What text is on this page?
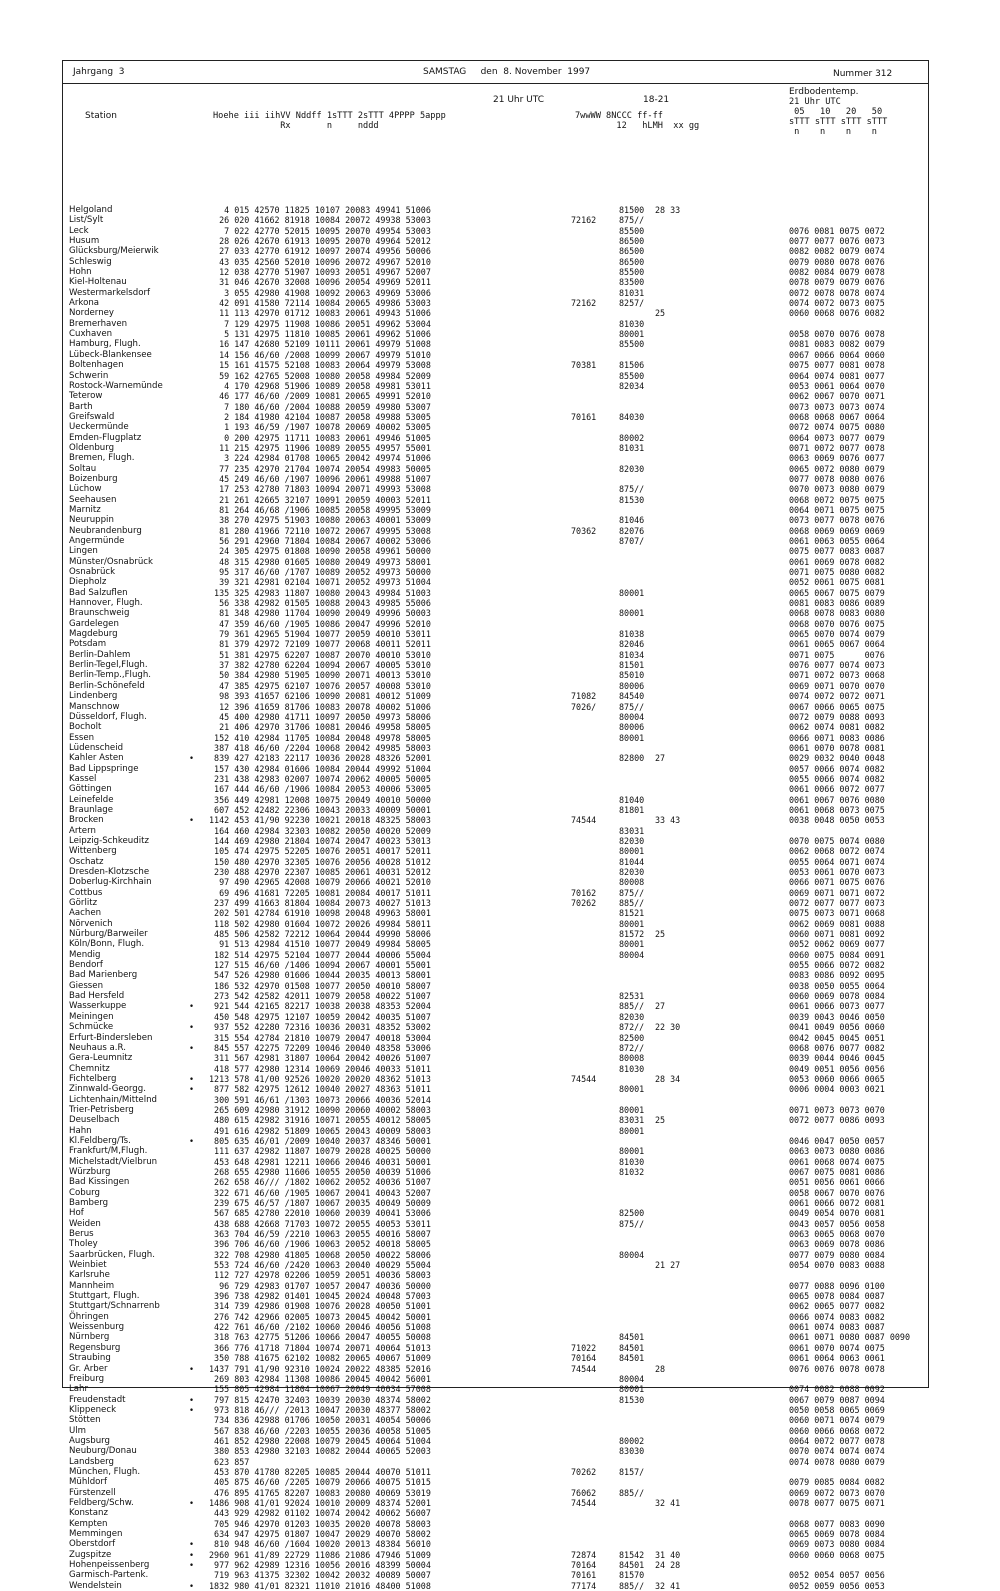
Jahrgang  3	SAMSTAG     den  8. November  1997	Nummer 312
21 Uhr UTC	18-21
Station	Hoehe iii iihVV Nddff 1sTTT 2sTTT 4PPPP 5appp
Rx       n     nddd
7wwWW 8NCCC ff-ff
12   hLMH  xx gg
Erdbodentemp.
21 Uhr UTC
05   10   20   50
sTTT sTTT sTTT sTTT
n    n    n    n
Helgoland	4 015 42570 11825 10107 20083 49941 51006	81500 28 33
List/Sylt	26 020 41662 81918 10084 20072 49938 53003	72162	875//
Leck	7 022 42770 52015 10095 20070 49954 53003	85500	0076 0081 0075 0072
Husum	28 026 42670 61913 10095 20070 49964 52012	86500	0077 0077 0076 0073
Glücksburg/Meierwik	27 033 42770 61912 10097 20074 49956 50006	86500	0082 0082 0079 0074
Schleswig	43 035 42560 52010 10096 20072 49967 52010	86500	0079 0080 0078 0076
Hohn	12 038 42770 51907 10093 20051 49967 52007	85500	0082 0084 0079 0078
Kiel-Holtenau	31 046 42670 32008 10096 20054 49969 52011	83500	0078 0079 0079 0076
Westermarkelsdorf	3 055 42980 41908 10092 20063 49969 53006	81031	0072 0078 0078 0074
Arkona	42 091 41580 72114 10084 20065 49986 53003	72162	8257/	0074 0072 0073 0075
Norderney	11 113 42970 01712 10083 20061 49943 51006	25	0060 0068 0076 0082
Bremerhaven	7 129 42975 11908 10086 20051 49962 53004	81030
Cuxhaven	5 131 42975 11810 10085 20061 49962 51006	80001	0058 0070 0076 0078
Hamburg, Flugh.	16 147 42680 52109 10111 20061 49979 51008	85500	0081 0083 0082 0079
Lübeck-Blankensee	14 156 46/60 /2008 10099 20067 49979 51010	0067 0066 0064 0060
Boltenhagen	15 161 41575 52108 10083 20064 49979 53008	70381	81506	0075 0077 0081 0078
Schwerin	59 162 42765 52008 10080 20058 49984 52009	85500	0064 0074 0081 0077
Rostock-Warnemünde	4 170 42968 51906 10089 20058 49981 53011	82034	0053 0061 0064 0070
Teterow	46 177 46/60 /2009 10081 20065 49991 52010	0062 0067 0070 0071
Barth	7 180 46/60 /2004 10088 20059 49980 53007	0073 0073 0073 0074
Greifswald	2 184 41980 42104 10087 20058 49988 53005	70161	84030	0068 0068 0067 0064
Ueckermünde	1 193 46/59 /1907 10078 20069 40002 53005	0072 0074 0075 0080
Emden-Flugplatz	0 200 42975 11711 10083 20061 49946 51005	80002	0064 0073 0077 0079
Oldenburg	11 215 42975 11906 10089 20055 49957 55001	81031	0071 0072 0077 0078
Bremen, Flugh.	3 224 42984 01708 10065 20042 49974 51006	0063 0069 0076 0077
Soltau	77 235 42970 21704 10074 20054 49983 50005	82030	0065 0072 0080 0079
Boizenburg	45 249 46/60 /1907 10096 20061 49988 51007	0077 0078 0080 0076
Lüchow	17 253 42780 71803 10094 20071 49993 53008	875//	0070 0073 0080 0079
Seehausen	21 261 42665 32107 10091 20059 40003 52011	81530	0068 0072 0075 0075
Marnitz	81 264 46/68 /1906 10085 20058 49995 53009	0064 0071 0075 0075
Neuruppin	38 270 42975 51903 10080 20063 40001 53009	81046	0073 0077 0078 0076
Neubrandenburg	81 280 41966 72110 10072 20067 49995 53008	70362	82076	0068 0069 0069 0069
Angermünde	56 291 42960 71804 10084 20067 40002 53006	8707/	0061 0063 0055 0064
Lingen	24 305 42975 01808 10090 20058 49961 50000	0075 0077 0083 0087
Münster/Osnabrück	48 315 42980 01605 10080 20049 49973 58001	0061 0069 0078 0082
Osnabrück	95 317 46/60 /1707 10089 20052 49973 50000	0071 0075 0080 0082
Diepholz	39 321 42981 02104 10071 20052 49973 51004	0052 0061 0075 0081
Bad Salzuflen	135 325 42983 11807 10080 20043 49984 51003	80001	0065 0067 0075 0079
Hannover, Flugh.	56 338 42982 01505 10088 20043 49985 55006	0081 0083 0086 0089
Braunschweig	81 348 42980 11704 10090 20049 49996 50003	80001	0068 0078 0083 0080
Gardelegen	47 359 46/60 /1905 10086 20047 49996 52010	0068 0070 0076 0075
Magdeburg	79 361 42965 51904 10077 20059 40010 53011	81038	0065 0070 0074 0079
Potsdam	81 379 42972 72109 10077 20068 40011 52011	82046	0061 0065 0067 0064
Berlin-Dahlem	51 381 42975 62207 10087 20070 40010 53010	81034	0071 0075      0076
Berlin-Tegel,Flugh.	37 382 42780 62204 10094 20067 40005 53010	81501	0076 0077 0074 0073
Berlin-Temp.,Flugh.	50 384 42980 51905 10090 20071 40013 53010	85010	0071 0072 0073 0068
Berlin-Schönefeld	47 385 42975 62107 10076 20057 40008 53010	80006	0069 0071 0070 0070
Lindenberg	98 393 41657 62106 10090 20081 40012 51009	71082	84540	0074 0072 0072 0071
Manschnow	12 396 41659 81706 10083 20078 40002 51006	7026/	875//	0067 0066 0065 0075
Düsseldorf, Flugh.	45 400 42980 41711 10097 20050 49973 58006	80004	0072 0079 0088 0093
Bocholt	21 406 42970 31706 10081 20046 49958 58005	80006	0062 0074 0081 0082
Essen	152 410 42984 11705 10084 20048 49978 58005	80001	0066 0071 0083 0086
Lüdenscheid	387 418 46/60 /2204 10068 20042 49985 58003	0061 0070 0078 0081
Kahler Asten	• 839 427 42183 22117 10036 20028 48326 52001	82800 27	0029 0032 0040 0048
Bad Lippspringe	157 430 42984 01606 10084 20044 49992 51004	0057 0066 0074 0082
Kassel	231 438 42983 02007 10074 20062 40005 50005	0055 0066 0074 0082
Göttingen	167 444 46/60 /1906 10084 20053 40006 53005	0061 0066 0072 0077
Leinefelde	356 449 42981 12008 10075 20049 40010 50000	81040	0061 0067 0076 0080
Braunlage	607 452 42482 22306 10043 20033 40009 50001	81801	0061 0068 0073 0075
Brocken	• 1142 453 41/90 92230 10021 20018 48325 58003	74544	33 43	0038 0048 0050 0053
Artern	164 460 42984 32303 10082 20050 40020 52009	83031
Leipzig-Schkeuditz	144 469 42980 21804 10074 20047 40023 53013	82030	0070 0075 0074 0080
Wittenberg	105 474 42975 52205 10076 20051 40017 52011	80001	0062 0068 0072 0074
Oschatz	150 480 42970 32305 10076 20056 40028 51012	81044	0055 0064 0071 0074
Dresden-Klotzsche	230 488 42970 22307 10085 20061 40031 52012	82030	0053 0061 0070 0073
Doberlug-Kirchhain	97 490 42965 42008 10079 20066 40021 52010	80008	0066 0071 0075 0076
Cottbus	69 496 41681 72205 10081 20084 40017 51011	70162	875//	0069 0071 0071 0072
Görlitz	237 499 41663 81804 10084 20073 40027 51013	70262	885//	0072 0077 0077 0073
Aachen	202 501 42784 61910 10098 20048 49963 58001	81521	0075 0073 0071 0068
Nörvenich	118 502 42980 01604 10072 20026 49984 58011	80001	0062 0069 0081 0088
Nürburg/Barweiler	485 506 42582 72212 10064 20044 49990 58006	81572 25	0060 0071 0081 0092
Köln/Bonn, Flugh.	91 513 42984 41510 10077 20049 49984 58005	80001	0052 0062 0069 0077
Mendig	182 514 42975 52104 10077 20044 40006 55004	80004	0060 0075 0084 0091
Bendorf	127 515 46/60 /1406 10094 20067 40001 55001	0055 0066 0072 0082
Bad Marienberg	547 526 42980 01606 10044 20035 40013 58001	0083 0086 0092 0095
Giessen	186 532 42970 01508 10077 20050 40010 58007	0038 0050 0055 0064
Bad Hersfeld	273 542 42582 42011 10079 20058 40022 51007	82531	0060 0069 0078 0084
Wasserkuppe	• 921 544 42165 82217 10038 20038 48353 52004	885// 27	0061 0066 0073 0077
Meiningen	450 548 42975 12107 10059 20042 40035 51007	82030	0039 0043 0046 0050
Schmücke	• 937 552 42280 72316 10036 20031 48352 53002	872// 22 30	0041 0049 0056 0060
Erfurt-Bindersleben	315 554 42784 21810 10079 20047 40018 53004	82500	0042 0045 0045 0051
Neuhaus a.R.	• 845 557 42275 72209 10046 20040 48358 53006	872//	0068 0076 0077 0082
Gera-Leumnitz	311 567 42981 31807 10064 20042 40026 51007	80008	0039 0044 0046 0045
Chemnitz	418 577 42980 12314 10069 20046 40033 51011	81030	0049 0051 0056 0056
Fichtelberg	• 1213 578 41/00 92526 10020 20020 48362 51013	74544	28 34	0053 0060 0066 0065
Zinnwald-Georgg.	• 877 582 42975 12612 10040 20027 48363 51011	80001	0006 0004 0003 0021
Lichtenhain/Mittelnd	300 591 46/61 /1303 10073 20066 40036 52014
Trier-Petrisberg	265 609 42980 31912 10090 20060 40002 58003	80001	0071 0073 0073 0070
Deuselbach	480 615 42982 31916 10071 20055 40012 58005	83031 25	0072 0077 0086 0093
Hahn	491 616 42982 51809 10065 20043 40009 58003	80001
Kl.Feldberg/Ts.	• 805 635 46/01 /2009 10040 20037 48346 50001	0046 0047 0050 0057
Frankfurt/M,Flugh.	111 637 42982 11807 10079 20028 40025 50000	80001	0063 0073 0080 0086
Michelstadt/Vielbrun	453 648 42981 12211 10066 20046 40031 50001	81030	0061 0068 0074 0075
Würzburg	268 655 42980 11606 10055 20050 40039 51006	81032	0067 0075 0081 0086
Bad Kissingen	262 658 46/// /1802 10062 20052 40036 51007	0051 0056 0061 0066
Coburg	322 671 46/60 /1905 10067 20041 40043 52007	0058 0067 0070 0076
Bamberg	239 675 46/57 /1807 10067 20035 40049 50009	0061 0066 0072 0081
Hof	567 685 42780 22010 10060 20039 40041 53006	82500	0049 0054 0070 0081
Weiden	438 688 42668 71703 10072 20055 40053 53011	875//	0043 0057 0056 0058
Berus	363 704 46/59 /2210 10063 20055 40016 58007	0063 0065 0068 0070
Tholey	396 706 46/60 /1906 10063 20052 40018 58005	0063 0069 0078 0086
Saarbrücken, Flugh.	322 708 42980 41805 10068 20050 40022 58006	80004	0077 0079 0080 0084
Weinbiet	553 724 46/60 /2420 10063 20040 40029 55004	21 27	0054 0070 0083 0088
Karlsruhe	112 727 42978 02206 10059 20051 40036 58003
Mannheim	96 729 42983 01707 10057 20047 40036 50000	0077 0088 0096 0100
Stuttgart, Flugh.	396 738 42982 01401 10045 20024 40048 57003	0065 0078 0084 0087
Stuttgart/Schnarrenb	314 739 42986 01908 10076 20028 40050 51001	0062 0065 0077 0082
Öhringen	276 742 42966 02005 10073 20045 40042 50001	0066 0074 0083 0082
Weissenburg	422 761 46/60 /2102 10060 20046 40056 51008	0061 0074 0083 0087
Nürnberg	318 763 42775 51206 10066 20047 40055 50008	84501	0061 0071 0080 0087 0090
Regensburg	366 776 41718 71804 10074 20071 40064 51013	71022	84501	0061 0070 0074 0075
Straubing	350 788 41675 62102 10082 20065 40067 51009	70164	84501	0061 0064 0063 0061
Gr. Arber	• 1437 791 41/90 92310 10024 20022 48385 52016	74544	28	0076 0076 0078 0078
Freiburg	269 803 42984 11308 10086 20045 40042 56001	80004
Lahr	155 805 42984 11804 10067 20049 40034 57008	80001	0074 0082 0088 0092
Freudenstadt	• 797 815 42470 32403 10039 20030 48374 58002	81530	0067 0079 0087 0094
Klippeneck	• 973 818 46/// /2013 10047 20030 48377 58002	0050 0058 0065 0069
Stötten	734 836 42988 01706 10050 20031 40054 50006	0060 0071 0074 0079
Ulm	567 838 46/60 /2203 10055 20036 40058 51005	0060 0066 0068 0072
Augsburg	461 852 42980 22008 10079 20045 40064 51004	80002	0064 0072 0077 0078
Neuburg/Donau	380 853 42980 32103 10082 20044 40065 52003	83030	0070 0074 0074 0074
Landsberg	623 857	0074 0078 0080 0079
München, Flugh.	453 870 41780 82205 10085 20044 40070 51011	70262	8157/
Mühldorf	405 875 46/60 /2205 10079 20066 40075 51015	0079 0085 0084 0082
Fürstenzell	476 895 41765 82207 10083 20080 40069 53019	76062	885//	0069 0072 0073 0070
Feldberg/Schw.	• 1486 908 41/01 92024 10010 20009 48374 52001	74544	32 41	0078 0077 0075 0071
Konstanz	443 929 42982 01102 10074 20042 40062 56007
Kempten	705 946 42970 01203 10035 20020 40078 58003	0068 0077 0083 0090
Memmingen	634 947 42975 01807 10047 20029 40070 58002	0065 0069 0078 0084
Oberstdorf	• 810 948 46/60 /1604 10020 20013 48384 56010	0069 0073 0080 0084
Zugspitze	• 2960 961 41/89 22729 11086 21086 47946 51009	72874	81542 31 40	0060 0060 0068 0075
Hohenpeissenberg	• 977 962 42989 12316 10056 20016 48399 50004	70164	84501 24 28
Garmisch-Partenk.	719 963 41375 32302 10042 20032 40089 50007	70161	81570	0052 0054 0057 0056
Wendelstein	• 1832 980 41/01 82321 11010 21016 48400 51008	77174	885// 32 41	0052 0059 0056 0053
